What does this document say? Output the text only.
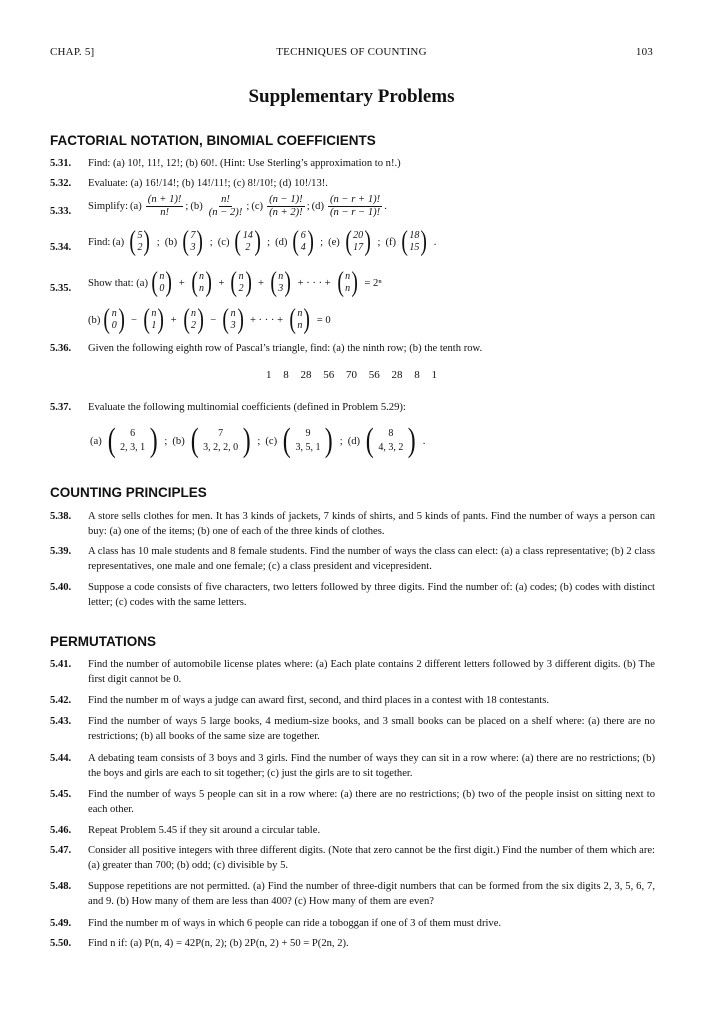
CHAP. 5]	TECHNIQUES OF COUNTING	103
Supplementary Problems
FACTORIAL NOTATION, BINOMIAL COEFFICIENTS
5.31. Find: (a) 10!, 11!, 12!; (b) 60!. (Hint: Use Sterling’s approximation to n!.)
5.32. Evaluate: (a) 16!/14!; (b) 14!/11!; (c) 8!/10!; (d) 10!/13!.
5.33. Simplify: $(a) \frac{(n + 1)!}{n!}$ ; $(b) \frac{n!}{(n - 2)!}$ ; $(c) \frac{(n - 1)!}{(n + 2)!}$ ; $(d) \frac{(n - r + 1)!}{(n - r - 1)!}$ .
5.34. Find: (a) ( 5
2 ) ; (b) ( 7
3 ) ; (c) ( 14
2 ) ; (d) ( 6
4 ) ; (e) ( 20
17 ) ; (f) ( 18
15 ) .
5.35. Show that: (a) ( n
0 ) + ( n
n ) + ( n
2 ) + ( n
3 ) + · · · + ( n
n ) = 2ⁿ
(b) ( n
0 ) − ( n
1 ) + ( n
2 ) − ( n
3 ) + · · · + ( n
n ) = 0
5.36. Given the following eighth row of Pascal’s triangle, find: (a) the ninth row; (b) the tenth row.
1 8 28 56 70 56 28 8 1
5.37. Evaluate the following multinomial coefficients (defined in Problem 5.29):
(a) ( 6
2, 3, 1 ) ; (b) ( 7
3, 2, 2, 0 ) ; (c) ( 9
3, 5, 1 ) ; (d) ( 8
4, 3, 2 ) .
COUNTING PRINCIPLES
5.38. A store sells clothes for men. It has 3 kinds of jackets, 7 kinds of shirts, and 5 kinds of pants. Find the number of ways a person can buy: (a) one of the items; (b) one of each of the three kinds of clothes.
5.39. A class has 10 male students and 8 female students. Find the number of ways the class can elect: (a) a class representative; (b) 2 class representatives, one male and one female; (c) a class president and vicepresident.
5.40. Suppose a code consists of five characters, two letters followed by three digits. Find the number of: (a) codes; (b) codes with distinct letter; (c) codes with the same letters.
PERMUTATIONS
5.41. Find the number of automobile license plates where: (a) Each plate contains 2 different letters followed by 3 different digits. (b) The first digit cannot be 0.
5.42. Find the number m of ways a judge can award first, second, and third places in a contest with 18 contestants.
5.43. Find the number of ways 5 large books, 4 medium-size books, and 3 small books can be placed on a shelf where: (a) there are no restrictions; (b) all books of the same size are together.
5.44. A debating team consists of 3 boys and 3 girls. Find the number of ways they can sit in a row where: (a) there are no restrictions; (b) the boys and girls are each to sit together; (c) just the girls are to sit together.
5.45. Find the number of ways 5 people can sit in a row where: (a) there are no restrictions; (b) two of the people insist on sitting next to each other.
5.46. Repeat Problem 5.45 if they sit around a circular table.
5.47. Consider all positive integers with three different digits. (Note that zero cannot be the first digit.) Find the number of them which are: (a) greater than 700; (b) odd; (c) divisible by 5.
5.48. Suppose repetitions are not permitted. (a) Find the number of three-digit numbers that can be formed from the six digits 2, 3, 5, 6, 7, and 9. (b) How many of them are less than 400? (c) How many of them are even?
5.49. Find the number m of ways in which 6 people can ride a toboggan if one of 3 of them must drive.
5.50. Find n if: (a) P(n, 4) = 42P(n, 2); (b) 2P(n, 2) + 50 = P(2n, 2).
